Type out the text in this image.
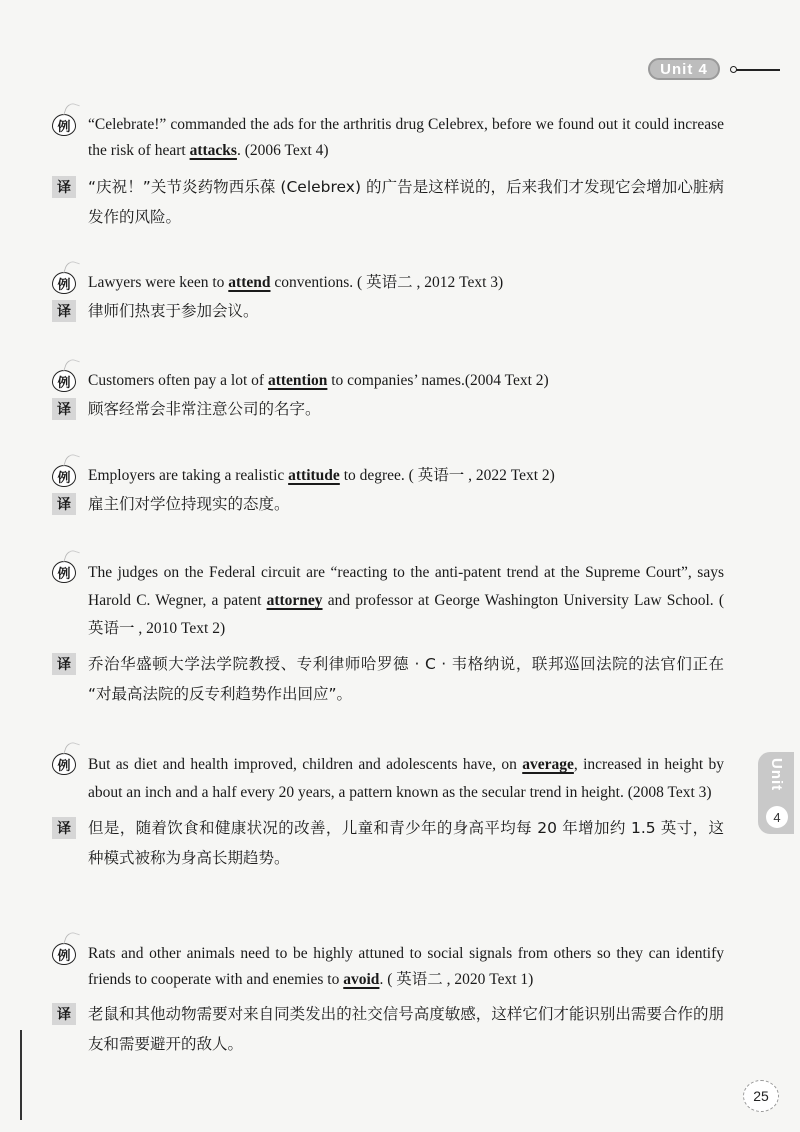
Unit 4
Unit
4
例	“Celebrate!” commanded the ads for the arthritis drug Celebrex, before we found out it could increase the risk of heart attacks. (2006 Text 4)
译	“庆祝！”关节炎药物西乐葆 (Celebrex) 的广告是这样说的，后来我们才发现它会增加心脏病发作的风险。
例	Lawyers were keen to attend conventions. ( 英语二 , 2012 Text 3)
译	律师们热衷于参加会议。
例	Customers often pay a lot of attention to companies’ names.(2004 Text 2)
译	顾客经常会非常注意公司的名字。
例	Employers are taking a realistic attitude to degree. ( 英语一 , 2022 Text 2)
译	雇主们对学位持现实的态度。
例	The judges on the Federal circuit are “reacting to the anti-patent trend at the Supreme Court”, says Harold C. Wegner, a patent attorney and professor at George Washington University Law School. ( 英语一 , 2010 Text 2)
译	乔治华盛顿大学法学院教授、专利律师哈罗德 · C · 韦格纳说，联邦巡回法院的法官们正在 “对最高法院的反专利趋势作出回应”。
例	But as diet and health improved, children and adolescents have, on average, increased in height by about an inch and a half every 20 years, a pattern known as the secular trend in height. (2008 Text 3)
译	但是，随着饮食和健康状况的改善，儿童和青少年的身高平均每 20 年增加约 1.5 英寸，这种模式被称为身高长期趋势。
例	Rats and other animals need to be highly attuned to social signals from others so they can identify friends to cooperate with and enemies to avoid. ( 英语二 , 2020 Text 1)
译	老鼠和其他动物需要对来自同类发出的社交信号高度敏感，这样它们才能识别出需要合作的朋友和需要避开的敌人。
25
